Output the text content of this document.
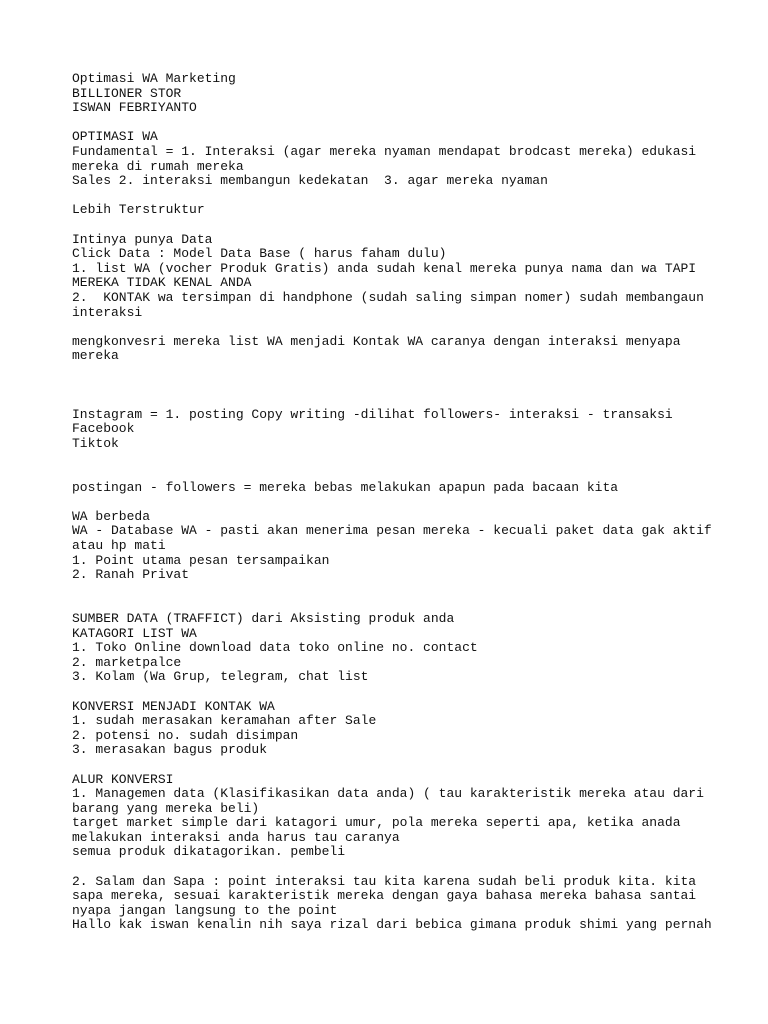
Optimasi WA Marketing
BILLIONER STOR
ISWAN FEBRIYANTO
OPTIMASI WA
Fundamental = 1. Interaksi (agar mereka nyaman mendapat brodcast mereka) edukasi
mereka di rumah mereka
Sales 2. interaksi membangun kedekatan  3. agar mereka nyaman
Lebih Terstruktur
Intinya punya Data
Click Data : Model Data Base ( harus faham dulu)
1. list WA (vocher Produk Gratis) anda sudah kenal mereka punya nama dan wa TAPI
MEREKA TIDAK KENAL ANDA
2.  KONTAK wa tersimpan di handphone (sudah saling simpan nomer) sudah membangaun
interaksi
mengkonvesri mereka list WA menjadi Kontak WA caranya dengan interaksi menyapa
mereka
Instagram = 1. posting Copy writing -dilihat followers- interaksi - transaksi
Facebook
Tiktok
postingan - followers = mereka bebas melakukan apapun pada bacaan kita
WA berbeda
WA - Database WA - pasti akan menerima pesan mereka - kecuali paket data gak aktif
atau hp mati
1. Point utama pesan tersampaikan
2. Ranah Privat
SUMBER DATA (TRAFFICT) dari Aksisting produk anda
KATAGORI LIST WA
1. Toko Online download data toko online no. contact
2. marketpalce
3. Kolam (Wa Grup, telegram, chat list
KONVERSI MENJADI KONTAK WA
1. sudah merasakan keramahan after Sale
2. potensi no. sudah disimpan
3. merasakan bagus produk
ALUR KONVERSI
1. Managemen data (Klasifikasikan data anda) ( tau karakteristik mereka atau dari
barang yang mereka beli)
target market simple dari katagori umur, pola mereka seperti apa, ketika anada
melakukan interaksi anda harus tau caranya
semua produk dikatagorikan. pembeli
2. Salam dan Sapa : point interaksi tau kita karena sudah beli produk kita. kita
sapa mereka, sesuai karakteristik mereka dengan gaya bahasa mereka bahasa santai
nyapa jangan langsung to the point
Hallo kak iswan kenalin nih saya rizal dari bebica gimana produk shimi yang pernah
